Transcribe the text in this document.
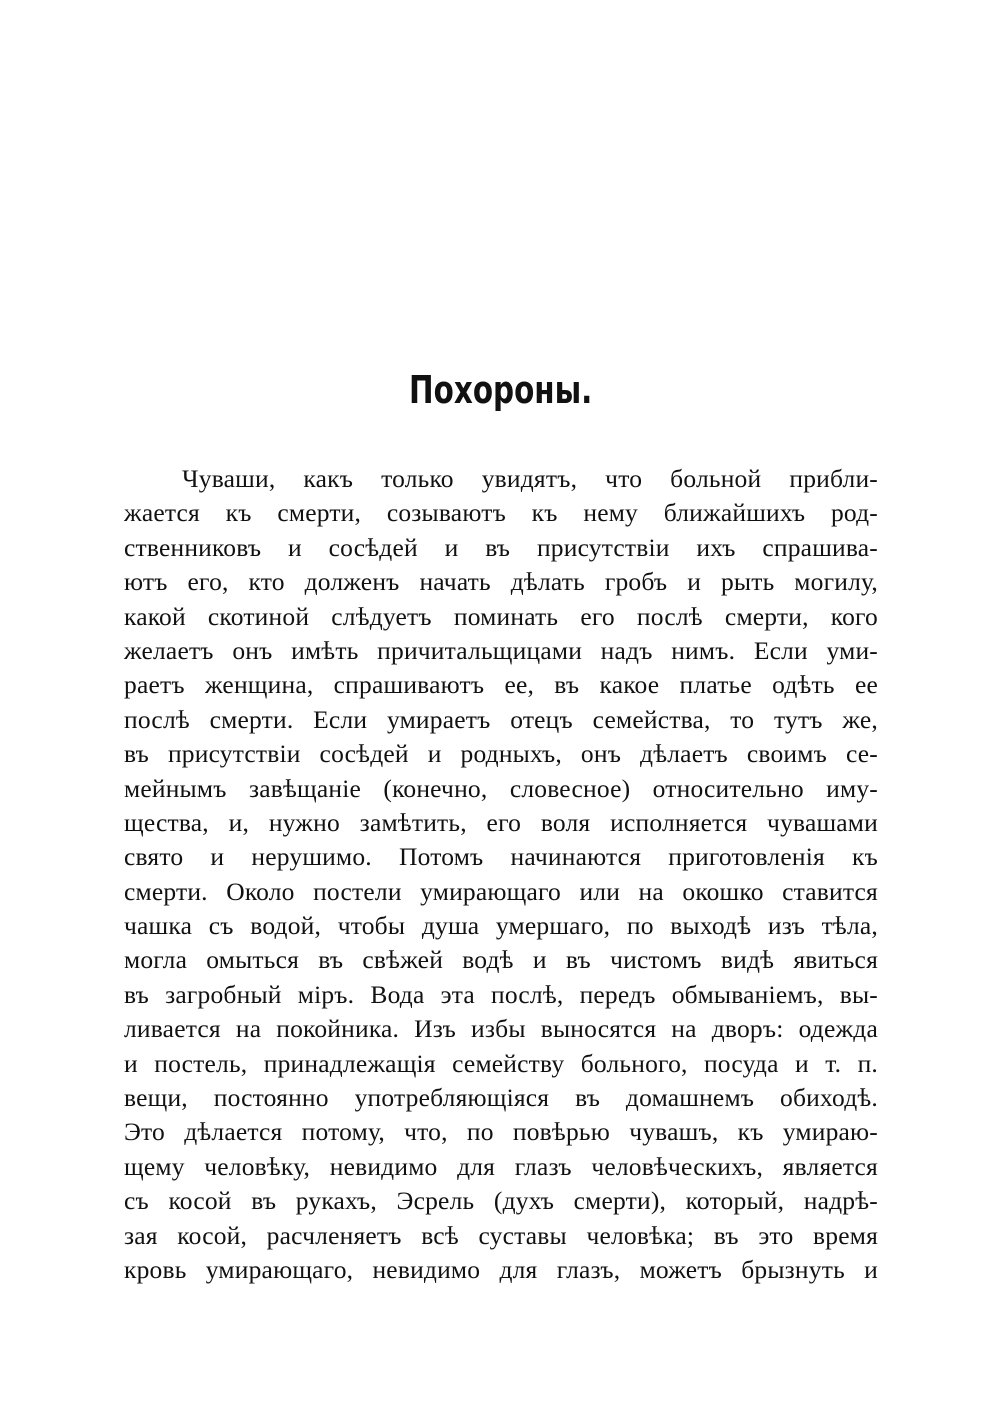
Похороны.
Чуваши, какъ только увидятъ, что больной прибли-
жается къ смерти, созываютъ къ нему ближайшихъ род-
ственниковъ и сосѣдей и въ присутствіи ихъ спрашива-
ютъ его, кто долженъ начать дѣлать гробъ и рыть могилу,
какой скотиной слѣдуетъ поминать его послѣ смерти, кого
желаетъ онъ имѣть причитальщицами надъ нимъ. Если уми-
раетъ женщина, спрашиваютъ ее, въ какое платье одѣть ее
послѣ смерти. Если умираетъ отецъ семейства, то тутъ же,
въ присутствіи сосѣдей и родныхъ, онъ дѣлаетъ своимъ се-
мейнымъ завѣщаніе (конечно, словесное) относительно иму-
щества, и, нужно замѣтить, его воля исполняется чувашами
свято и нерушимо. Потомъ начинаются приготовленія къ
смерти. Около постели умирающаго или на окошко ставится
чашка съ водой, чтобы душа умершаго, по выходѣ изъ тѣла,
могла омыться въ свѣжей водѣ и въ чистомъ видѣ явиться
въ загробный міръ. Вода эта послѣ, передъ обмываніемъ, вы-
ливается на покойника. Изъ избы выносятся на дворъ: одежда
и постель, принадлежащія семейству больного, посуда и т. п.
вещи, постоянно употребляющіяся въ домашнемъ обиходѣ.
Это дѣлается потому, что, по повѣрью чувашъ, къ умираю-
щему человѣку, невидимо для глазъ человѣческихъ, является
съ косой въ рукахъ, Эсрель (духъ смерти), который, надрѣ-
зая косой, расчленяетъ всѣ суставы человѣка; въ это время
кровь умирающаго, невидимо для глазъ, можетъ брызнуть и
